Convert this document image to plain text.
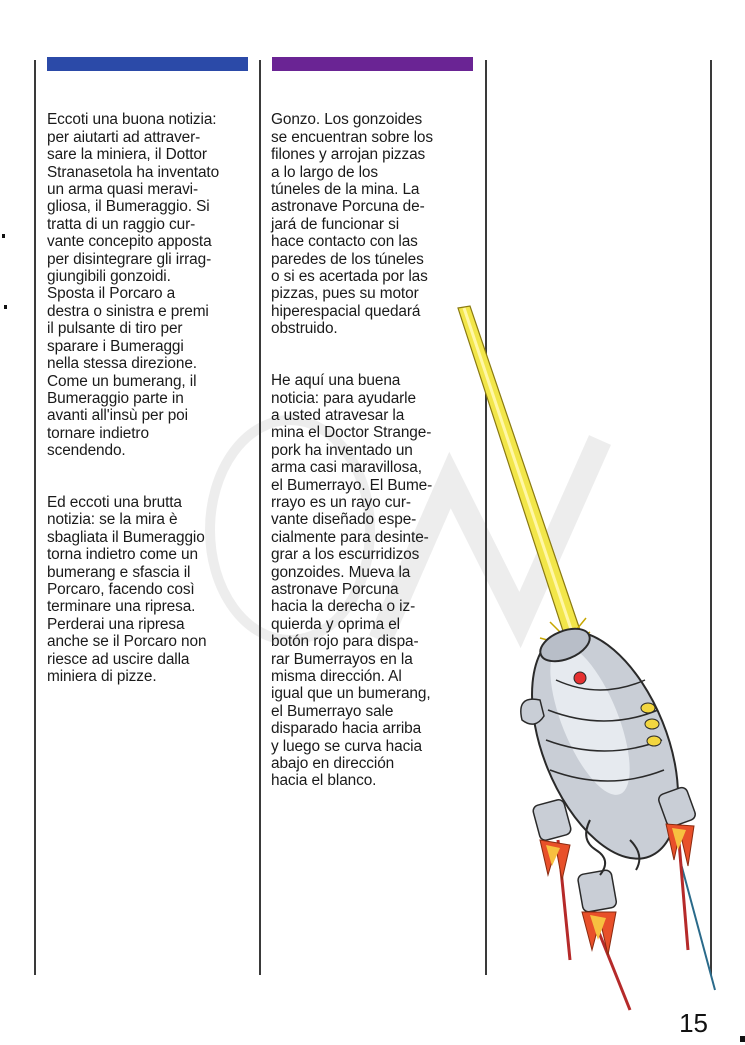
Eccoti una buona notizia:
per aiutarti ad attraver-
sare la miniera, il Dottor
Stranasetola ha inventato
un arma quasi meravi-
gliosa, il Bumeraggio. Si
tratta di un raggio cur-
vante concepito apposta
per disintegrare gli irrag-
giungibili gonzoidi.
Sposta il Porcaro a
destra o sinistra e premi
il pulsante di tiro per
sparare i Bumeraggi
nella stessa direzione.
Come un bumerang, il
Bumeraggio parte in
avanti all'insù per poi
tornare indietro
scendendo.

Ed eccoti una brutta
notizia: se la mira è
sbagliata il Bumeraggio
torna indietro come un
bumerang e sfascia il
Porcaro, facendo così
terminare una ripresa.
Perderai una ripresa
anche se il Porcaro non
riesce ad uscire dalla
miniera di pizze.

Gonzo. Los gonzoides
se encuentran sobre los
filones y arrojan pizzas
a lo largo de los
túneles de la mina. La
astronave Porcuna de-
jará de funcionar si
hace contacto con las
paredes de los túneles
o si es acertada por las
pizzas, pues su motor
hiperespacial quedará
obstruido.

He aquí una buena
noticia: para ayudarle
a usted atravesar la
mina el Doctor Strange-
pork ha inventado un
arma casi maravillosa,
el Bumerrayo. El Bume-
rrayo es un rayo cur-
vante diseñado espe-
cialmente para desinte-
grar a los escurridizos
gonzoides. Mueva la
astronave Porcuna
hacia la derecha o iz-
quierda y oprima el
botón rojo para dispa-
rar Bumerrayos en la
misma dirección. Al
igual que un bumerang,
el Bumerrayo sale
disparado hacia arriba
y luego se curva hacia
abajo en dirección
hacia el blanco.

15
